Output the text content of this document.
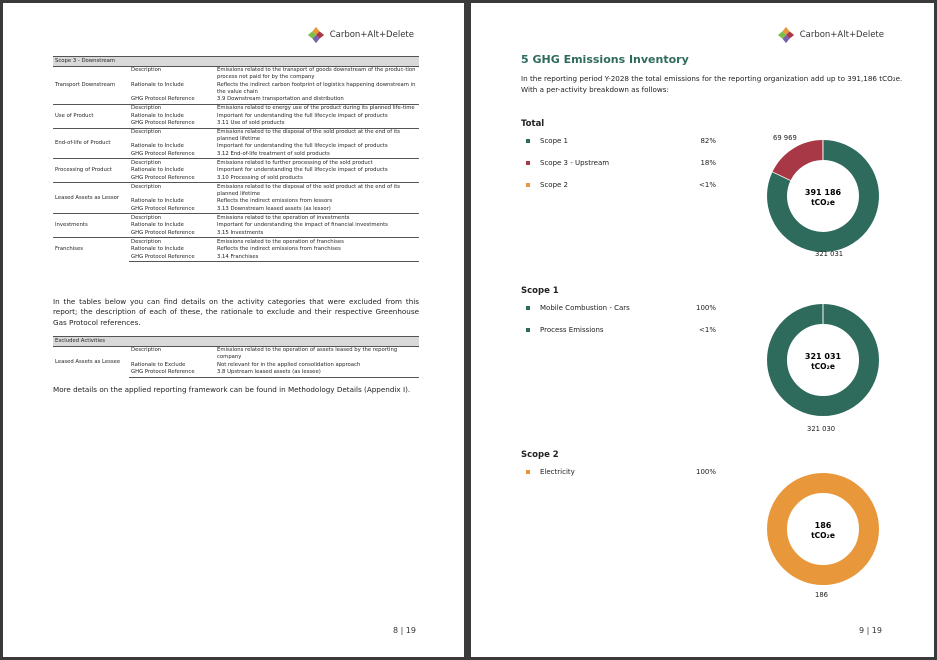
Carbon+Alt+Delete
Scope 3 - Downstream		
Transport Downstream	Description	Emissions related to the transport of goods downstream of the produc-tion process not paid for by the company
	Rationale to Include	Reflects the indirect carbon footprint of logistics happening downstream in the value chain
	GHG Protocol Reference	3.9 Downstream transportation and distribution
Use of Product	Description	Emissions related to energy use of the product during its planned life-time
	Rationale to Include	Important for understanding the full lifecycle impact of products
	GHG Protocol Reference	3.11 Use of sold products
End-of-life of Product	Description	Emissions related to the disposal of the sold product at the end of its planned lifetime
	Rationale to Include	Important for understanding the full lifecycle impact of products
	GHG Protocol Reference	3.12 End-of-life treatment of sold products
Processing of Product	Description	Emissions related to further processing of the sold product
	Rationale to Include	Important for understanding the full lifecycle impact of products
	GHG Protocol Reference	3.10 Processing of sold products
Leased Assets as Lessor	Description	Emissions related to the disposal of the sold product at the end of its planned lifetime
	Rationale to Include	Reflects the indirect emissions from lessors
	GHG Protocol Reference	3.13 Downstream leased assets (as lessor)
Investments	Description	Emissions related to the operation of investments
	Rationale to Include	Important for understanding the impact of financial investments
	GHG Protocol Reference	3.15 Investments
Franchises	Description	Emissions related to the operation of franchises
	Rationale to Include	Reflects the indirect emissions from franchises
	GHG Protocol Reference	3.14 Franchises
In the tables below you can find details on the activity categories that were excluded from this report; the description of each of these, the rationale to exclude and their respective Greenhouse Gas Protocol references.
Excluded Activities		
Leased Assets as Lessee	Description	Emissions related to the operation of assets leased by the reporting company
	Rationale to Exclude	Not relevant for in the applied consolidation approach
	GHG Protocol Reference	3.8 Upstream leased assets (as lessee)
More details on the applied reporting framework can be found in Methodology Details (Appendix I).
8 | 19
Carbon+Alt+Delete
5 GHG Emissions Inventory
In the reporting period Y-2028 the total emissions for the reporting organization add up to 391,186 tCO₂e. With a per-activity breakdown as follows:
Total
391 186
tCO₂e
69 969
321 031
Scope 1
321 031
tCO₂e
321 030
Scope 2
186
tCO₂e
186
9 | 19
Scope 1	82%
Scope 3 - Upstream	18%
Scope 2	<1%
Mobile Combustion - Cars	100%
Process Emissions	<1%
Electricity	100%
